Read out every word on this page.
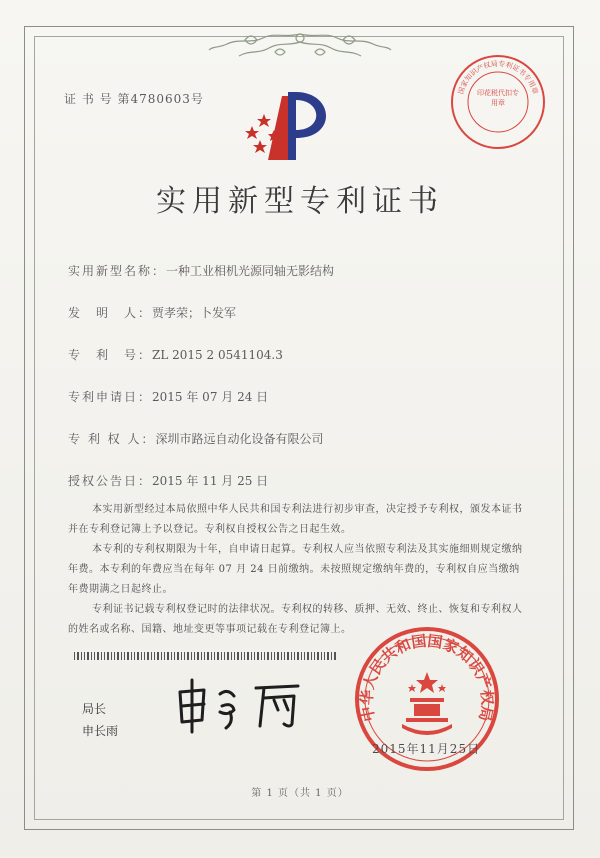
证 书 号 第4780603号
国家知识产权局专利证书专用章
印花税代扣专用章
实用新型专利证书
实用新型名称：一种工业相机光源同轴无影结构
发　明　人：贾孝荣；卜发军
专　利　号：ZL 2015 2 0541104.3
专利申请日：2015 年 07 月 24 日
专 利 权 人：深圳市路远自动化设备有限公司
授权公告日：2015 年 11 月 25 日

本实用新型经过本局依照中华人民共和国专利法进行初步审查，决定授予专利权，颁发本证书并在专利登记簿上予以登记。专利权自授权公告之日起生效。

本专利的专利权期限为十年，自申请日起算。专利权人应当依照专利法及其实施细则规定缴纳年费。本专利的年费应当在每年 07 月 24 日前缴纳。未按照规定缴纳年费的，专利权自应当缴纳年费期满之日起终止。

专利证书记载专利权登记时的法律状况。专利权的转移、质押、无效、终止、恢复和专利权人的姓名或名称、国籍、地址变更等事项记载在专利登记簿上。

局长
申长雨
中华人民共和国国家知识产权局
2015年11月25日
第 1 页（共 1 页）
